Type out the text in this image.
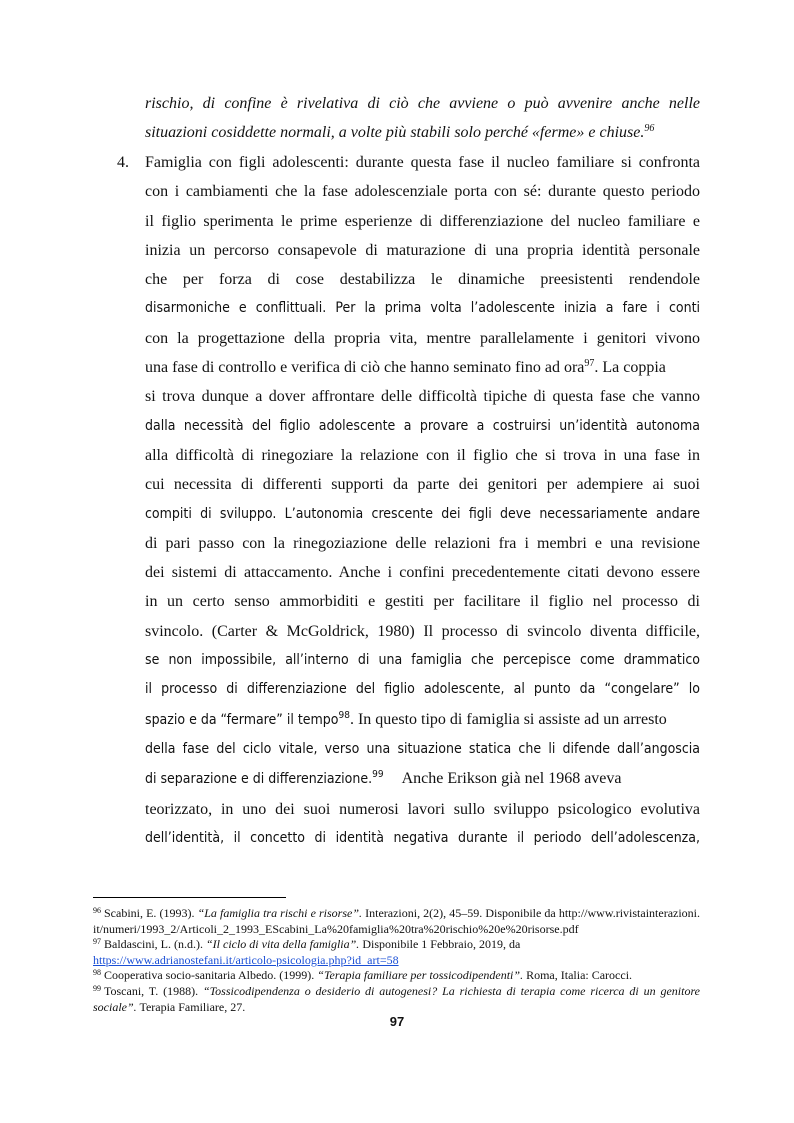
rischio, di confine è rivelativa di ciò che avviene o può avvenire anche nelle
situazioni cosiddette normali, a volte più stabili solo perché «ferme» e chiuse.$^{96}$
4. Famiglia con figli adolescenti: durante questa fase il nucleo familiare si confronta
con i cambiamenti che la fase adolescenziale porta con sé: durante questo periodo
il figlio sperimenta le prime esperienze di differenziazione del nucleo familiare e
inizia un percorso consapevole di maturazione di una propria identità personale
che per forza di cose destabilizza le dinamiche preesistenti rendendole
disarmoniche e conflittuali. Per la prima volta l’adolescente inizia a fare i conti
con la progettazione della propria vita, mentre parallelamente i genitori vivono
una fase di controllo e verifica di ciò che hanno seminato fino ad ora$^{97}$. La coppia
si trova dunque a dover affrontare delle difficoltà tipiche di questa fase che vanno
dalla necessità del figlio adolescente a provare a costruirsi un’identità autonoma
alla difficoltà di rinegoziare la relazione con il figlio che si trova in una fase in
cui necessita di differenti supporti da parte dei genitori per adempiere ai suoi
compiti di sviluppo. L’autonomia crescente dei figli deve necessariamente andare
di pari passo con la rinegoziazione delle relazioni fra i membri e una revisione
dei sistemi di attaccamento. Anche i confini precedentemente citati devono essere
in un certo senso ammorbiditi e gestiti per facilitare il figlio nel processo di
svincolo. (Carter & McGoldrick, 1980) Il processo di svincolo diventa difficile,
se non impossibile, all’interno di una famiglia che percepisce come drammatico
il processo di differenziazione del figlio adolescente, al punto da “congelare” lo
spazio e da “fermare” il tempo$^{98}$. In questo tipo di famiglia si assiste ad un arresto
della fase del ciclo vitale, verso una situazione statica che li difende dall’angoscia
di separazione e di differenziazione.$^{99}$ Anche Erikson già nel 1968 aveva
teorizzato, in uno dei suoi numerosi lavori sullo sviluppo psicologico evolutiva
dell’identità, il concetto di identità negativa durante il periodo dell’adolescenza,
$^{96}$ Scabini, E. (1993). “La famiglia tra rischi e risorse”. Interazioni, 2(2), 45–59. Disponibile da http://www.rivistainterazioni.it/numeri/1993_2/Articoli_2_1993_EScabini_La%20famiglia%20tra%20rischio%20e%20risorse.pdf
$^{97}$ Baldascini, L. (n.d.). “Il ciclo di vita della famiglia”. Disponibile 1 Febbraio, 2019, da
https://www.adrianostefani.it/articolo-psicologia.php?id_art=58
$^{98}$ Cooperativa socio-sanitaria Albedo. (1999). “Terapia familiare per tossicodipendenti”. Roma, Italia: Carocci.
$^{99}$ Toscani, T. (1988). “Tossicodipendenza o desiderio di autogenesi? La richiesta di terapia come ricerca di un genitore sociale”. Terapia Familiare, 27.
97
